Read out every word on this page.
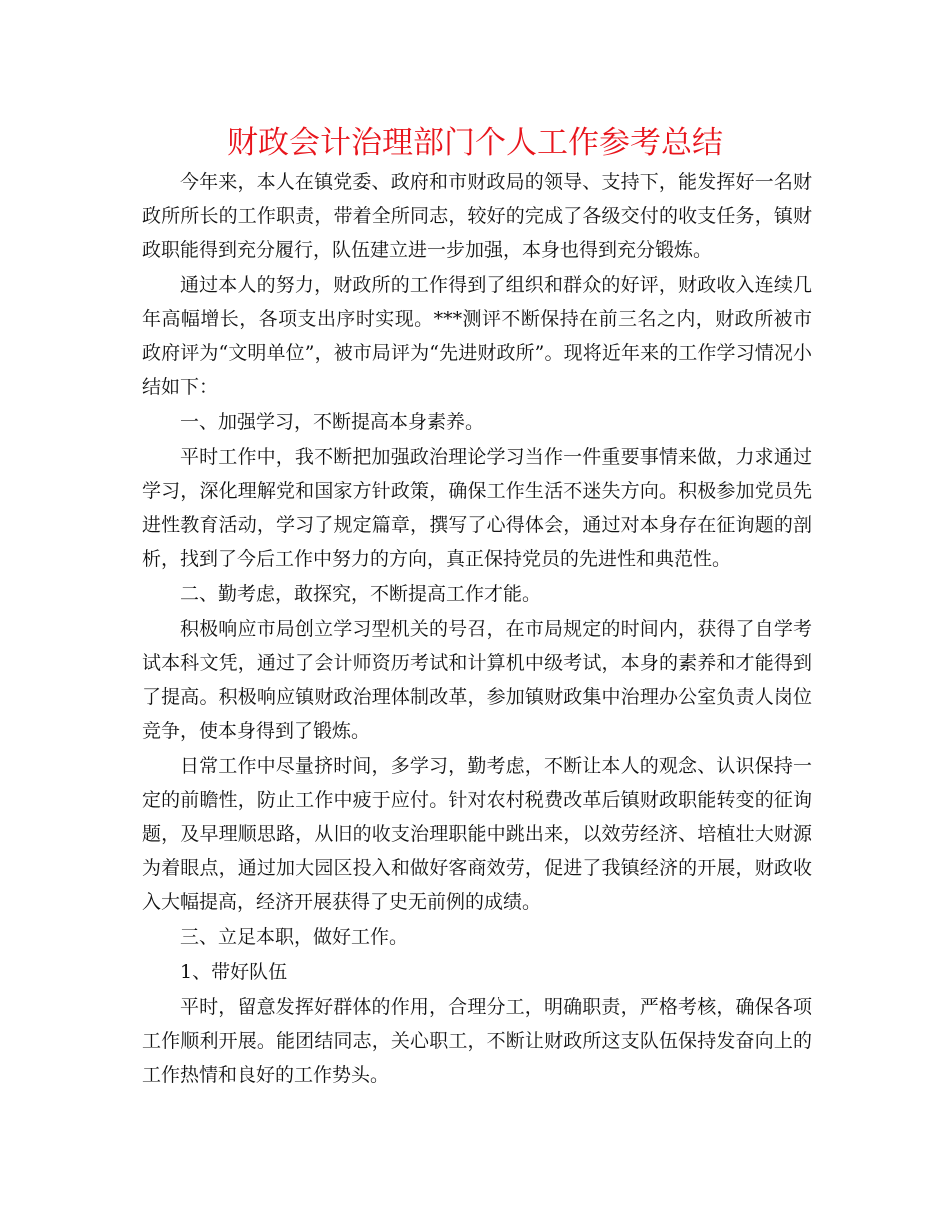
财政会计治理部门个人工作参考总结

今年来，本人在镇党委、政府和市财政局的领导、支持下，能发挥好一名财政所所长的工作职责，带着全所同志，较好的完成了各级交付的收支任务，镇财政职能得到充分履行，队伍建立进一步加强，本身也得到充分锻炼。

通过本人的努力，财政所的工作得到了组织和群众的好评，财政收入连续几年高幅增长，各项支出序时实现。***测评不断保持在前三名之内，财政所被市政府评为“文明单位”，被市局评为“先进财政所”。现将近年来的工作学习情况小结如下：

一、加强学习，不断提高本身素养。

平时工作中，我不断把加强政治理论学习当作一件重要事情来做，力求通过学习，深化理解党和国家方针政策，确保工作生活不迷失方向。积极参加党员先进性教育活动，学习了规定篇章，撰写了心得体会，通过对本身存在征询题的剖析，找到了今后工作中努力的方向，真正保持党员的先进性和典范性。

二、勤考虑，敢探究，不断提高工作才能。

积极响应市局创立学习型机关的号召，在市局规定的时间内，获得了自学考试本科文凭，通过了会计师资历考试和计算机中级考试，本身的素养和才能得到了提高。积极响应镇财政治理体制改革，参加镇财政集中治理办公室负责人岗位竞争，使本身得到了锻炼。

日常工作中尽量挤时间，多学习，勤考虑，不断让本人的观念、认识保持一定的前瞻性，防止工作中疲于应付。针对农村税费改革后镇财政职能转变的征询题，及早理顺思路，从旧的收支治理职能中跳出来，以效劳经济、培植壮大财源为着眼点，通过加大园区投入和做好客商效劳，促进了我镇经济的开展，财政收入大幅提高，经济开展获得了史无前例的成绩。

三、立足本职，做好工作。

1、带好队伍

平时，留意发挥好群体的作用，合理分工，明确职责，严格考核，确保各项工作顺利开展。能团结同志，关心职工，不断让财政所这支队伍保持发奋向上的工作热情和良好的工作势头。
